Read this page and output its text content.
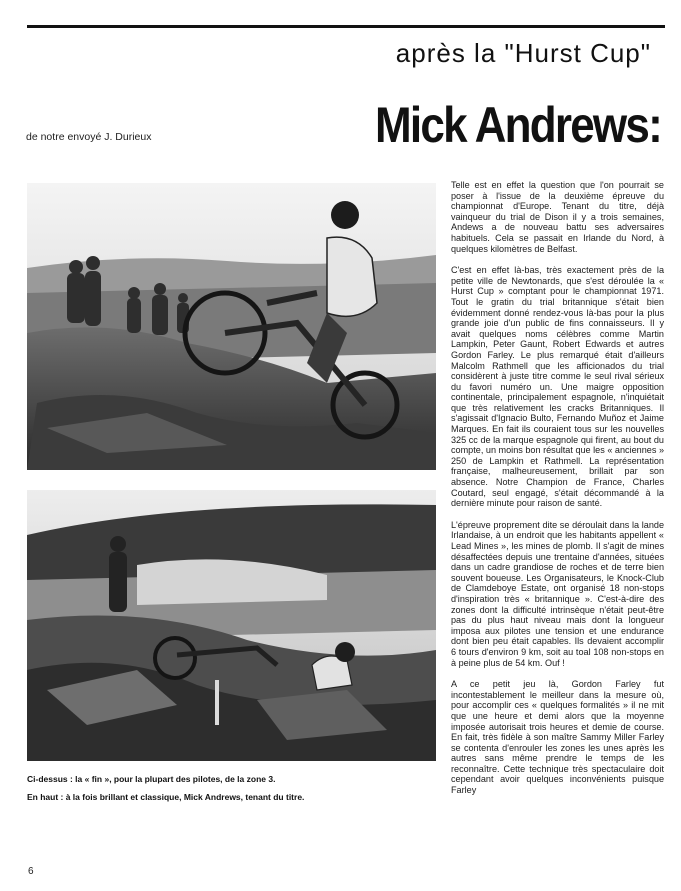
après la "Hurst Cup"
Mick Andrews:
de notre envoyé J. Durieux
Ci-dessus : la « fin », pour la plupart des pilotes, de la zone 3.
En haut : à la fois brillant et classique, Mick Andrews, tenant du titre.

Telle est en effet la question que l'on pourrait se poser à l'issue de la deuxième épreuve du championnat d'Europe. Tenant du titre, déjà vainqueur du trial de Dison il y a trois semaines, Andews a de nouveau battu ses adversaires habituels. Cela se passait en Irlande du Nord, à quelques kilomètres de Belfast.

C'est en effet là-bas, très exactement près de la petite ville de Newtonards, que s'est déroulée la « Hurst Cup » comptant pour le championnat 1971. Tout le gratin du trial britannique s'était bien évidemment donné rendez-vous là-bas pour la plus grande joie d'un public de fins connaisseurs. Il y avait quelques noms célèbres comme Martin Lampkin, Peter Gaunt, Robert Edwards et autres Gordon Farley. Le plus remarqué était d'ailleurs Malcolm Rathmell que les afficionados du trial considèrent à juste titre comme le seul rival sérieux du favori numéro un. Une maigre opposition continentale, principalement espagnole, n'inquiétait que très relativement les cracks Britanniques. Il s'agissait d'Ignacio Bulto, Fernando Muñoz et Jaime Marques. En fait ils couraient tous sur les nouvelles 325 cc de la marque espagnole qui firent, au bout du compte, un moins bon résultat que les « anciennes » 250 de Lampkin et Rathmell. La représentation française, malheureusement, brillait par son absence. Notre Champion de France, Charles Coutard, seul engagé, s'était décommandé à la dernière minute pour raison de santé.

L'épreuve proprement dite se déroulait dans la lande Irlandaise, à un endroit que les habitants appellent « Lead Mines », les mines de plomb. Il s'agit de mines désaffectées depuis une trentaine d'années, situées dans un cadre grandiose de roches et de terre bien souvent boueuse. Les Organisateurs, le Knock-Club de Clamdeboye Estate, ont organisé 18 non-stops d'inspiration très « britannique ». C'est-à-dire des zones dont la difficulté intrinsèque n'était peut-être pas du plus haut niveau mais dont la longueur imposa aux pilotes une tension et une endurance dont bien peu était capables. Ils devaient accomplir 6 tours d'environ 9 km, soit au toal 108 non-stops en à peine plus de 54 km. Ouf !

A ce petit jeu là, Gordon Farley fut incontestablement le meilleur dans la mesure où, pour accomplir ces « quelques formalités » il ne mit que une heure et demi alors que la moyenne imposée autorisait trois heures et demie de course. En fait, très fidèle à son maître Sammy Miller Farley se contenta d'enrouler les zones les unes après les autres sans même prendre le temps de les reconnaître. Cette technique très spectaculaire doit cependant avoir quelques inconvénients puisque Farley

6
